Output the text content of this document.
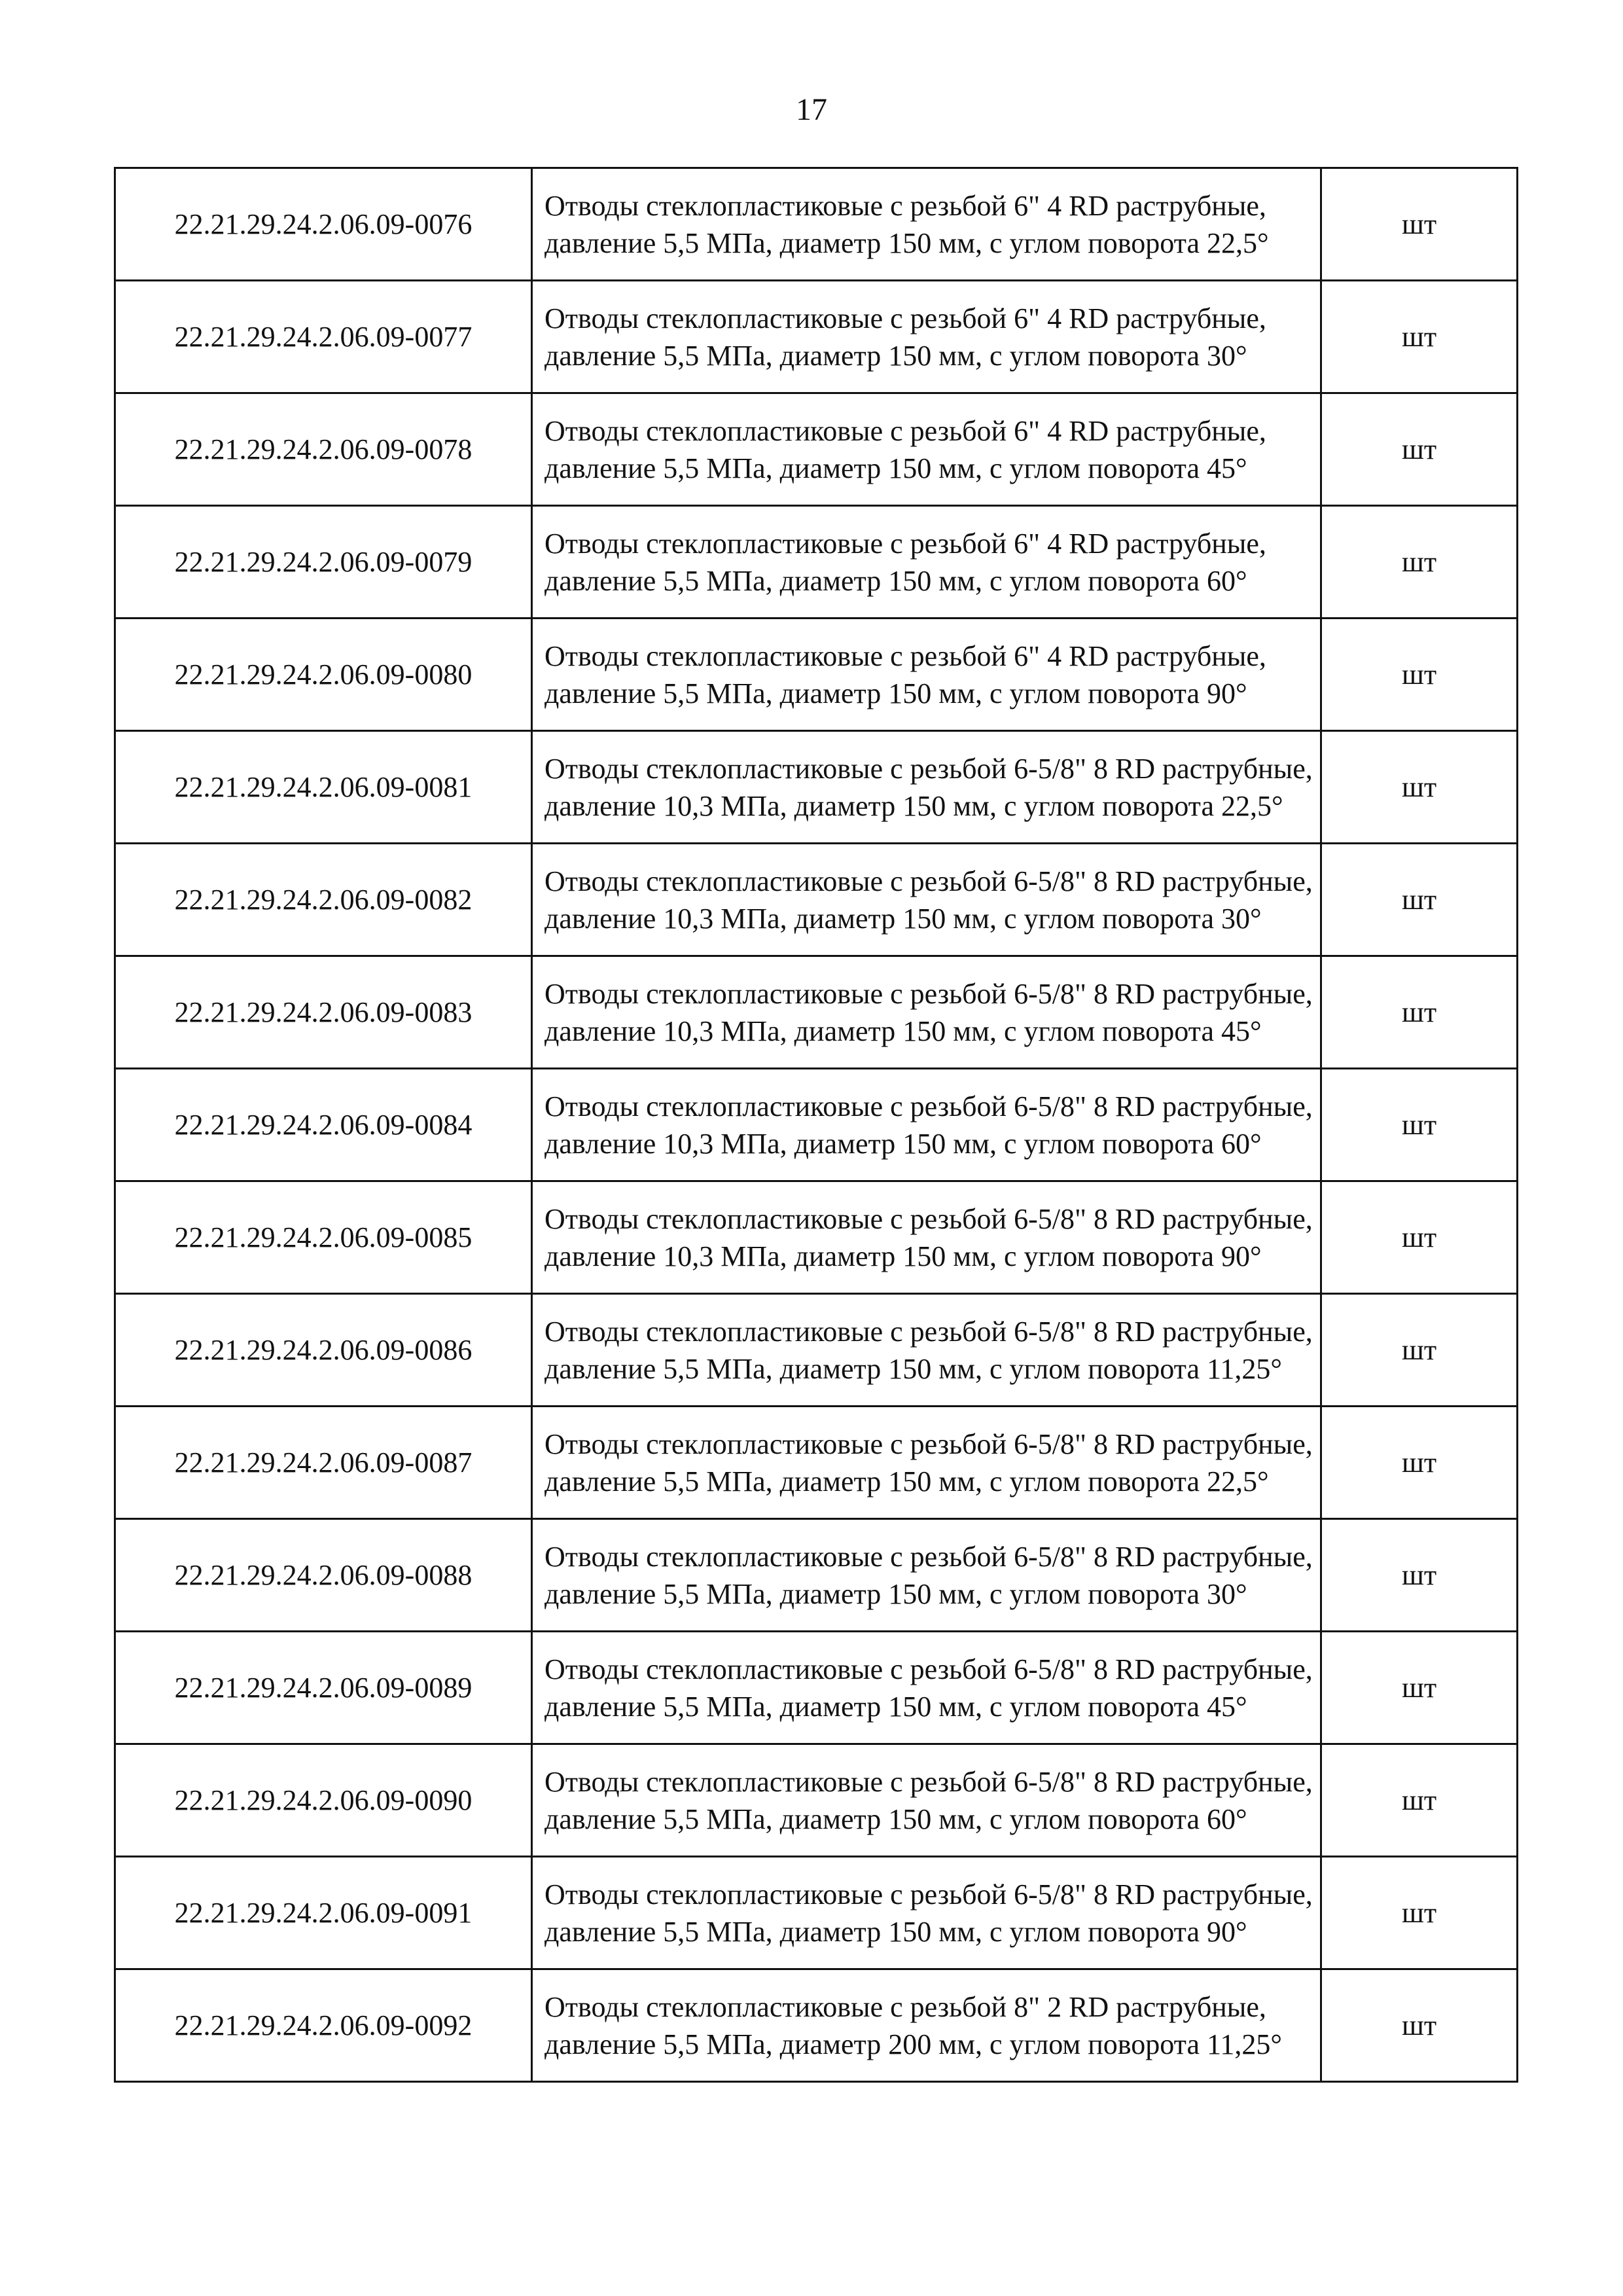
17
22.21.29.24.2.06.09-0076	Отводы стеклопластиковые с резьбой 6" 4 RD раструбные, давление 5,5 МПа, диаметр 150 мм, с углом поворота 22,5°	шт
22.21.29.24.2.06.09-0077	Отводы стеклопластиковые с резьбой 6" 4 RD раструбные, давление 5,5 МПа, диаметр 150 мм, с углом поворота 30°	шт
22.21.29.24.2.06.09-0078	Отводы стеклопластиковые с резьбой 6" 4 RD раструбные, давление 5,5 МПа, диаметр 150 мм, с углом поворота 45°	шт
22.21.29.24.2.06.09-0079	Отводы стеклопластиковые с резьбой 6" 4 RD раструбные, давление 5,5 МПа, диаметр 150 мм, с углом поворота 60°	шт
22.21.29.24.2.06.09-0080	Отводы стеклопластиковые с резьбой 6" 4 RD раструбные, давление 5,5 МПа, диаметр 150 мм, с углом поворота 90°	шт
22.21.29.24.2.06.09-0081	Отводы стеклопластиковые с резьбой 6-5/8" 8 RD раструбные, давление 10,3 МПа, диаметр 150 мм, с углом поворота 22,5°	шт
22.21.29.24.2.06.09-0082	Отводы стеклопластиковые с резьбой 6-5/8" 8 RD раструбные, давление 10,3 МПа, диаметр 150 мм, с углом поворота 30°	шт
22.21.29.24.2.06.09-0083	Отводы стеклопластиковые с резьбой 6-5/8" 8 RD раструбные, давление 10,3 МПа, диаметр 150 мм, с углом поворота 45°	шт
22.21.29.24.2.06.09-0084	Отводы стеклопластиковые с резьбой 6-5/8" 8 RD раструбные, давление 10,3 МПа, диаметр 150 мм, с углом поворота 60°	шт
22.21.29.24.2.06.09-0085	Отводы стеклопластиковые с резьбой 6-5/8" 8 RD раструбные, давление 10,3 МПа, диаметр 150 мм, с углом поворота 90°	шт
22.21.29.24.2.06.09-0086	Отводы стеклопластиковые с резьбой 6-5/8" 8 RD раструбные, давление 5,5 МПа, диаметр 150 мм, с углом поворота 11,25°	шт
22.21.29.24.2.06.09-0087	Отводы стеклопластиковые с резьбой 6-5/8" 8 RD раструбные, давление 5,5 МПа, диаметр 150 мм, с углом поворота 22,5°	шт
22.21.29.24.2.06.09-0088	Отводы стеклопластиковые с резьбой 6-5/8" 8 RD раструбные, давление 5,5 МПа, диаметр 150 мм, с углом поворота 30°	шт
22.21.29.24.2.06.09-0089	Отводы стеклопластиковые с резьбой 6-5/8" 8 RD раструбные, давление 5,5 МПа, диаметр 150 мм, с углом поворота 45°	шт
22.21.29.24.2.06.09-0090	Отводы стеклопластиковые с резьбой 6-5/8" 8 RD раструбные, давление 5,5 МПа, диаметр 150 мм, с углом поворота 60°	шт
22.21.29.24.2.06.09-0091	Отводы стеклопластиковые с резьбой 6-5/8" 8 RD раструбные, давление 5,5 МПа, диаметр 150 мм, с углом поворота 90°	шт
22.21.29.24.2.06.09-0092	Отводы стеклопластиковые с резьбой 8" 2 RD раструбные, давление 5,5 МПа, диаметр 200 мм, с углом поворота 11,25°	шт
